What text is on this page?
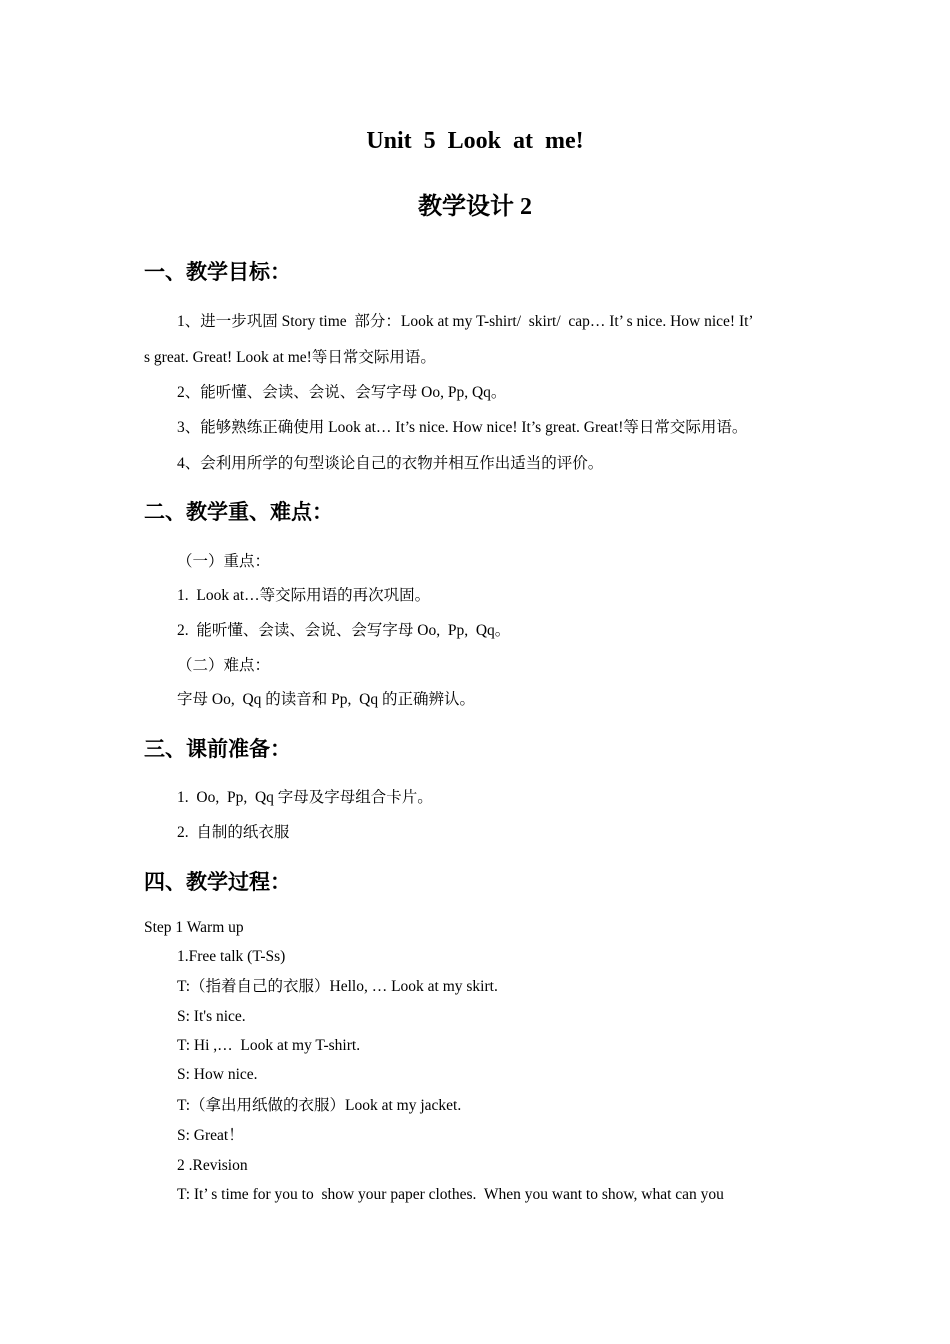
Unit  5  Look  at  me!
教学设计 2
一、教学目标：
1、进一步巩固 Story time  部分：Look at my T-shirt/  skirt/  cap… It’ s nice. How nice! It’
s great. Great! Look at me!等日常交际用语。
2、能听懂、会读、会说、会写字母 Oo, Pp, Qq。
3、能够熟练正确使用 Look at… It’s nice. How nice! It’s great. Great!等日常交际用语。
4、会利用所学的句型谈论自己的衣物并相互作出适当的评价。
二、教学重、难点：
（一）重点：
1.  Look at…等交际用语的再次巩固。
2.  能听懂、会读、会说、会写字母 Oo,  Pp,  Qq。
（二）难点：
字母 Oo,  Qq 的读音和 Pp,  Qq 的正确辨认。
三、课前准备：
1.  Oo,  Pp,  Qq 字母及字母组合卡片。
2.  自制的纸衣服
四、教学过程：
Step 1 Warm up
1.Free talk (T-Ss)
T:（指着自己的衣服）Hello, … Look at my skirt.
S: It's nice.
T: Hi ,…  Look at my T-shirt.
S: How nice.
T:（拿出用纸做的衣服）Look at my jacket.
S: Great！
2 .Revision
T: It’ s time for you to  show your paper clothes.  When you want to show, what can you
